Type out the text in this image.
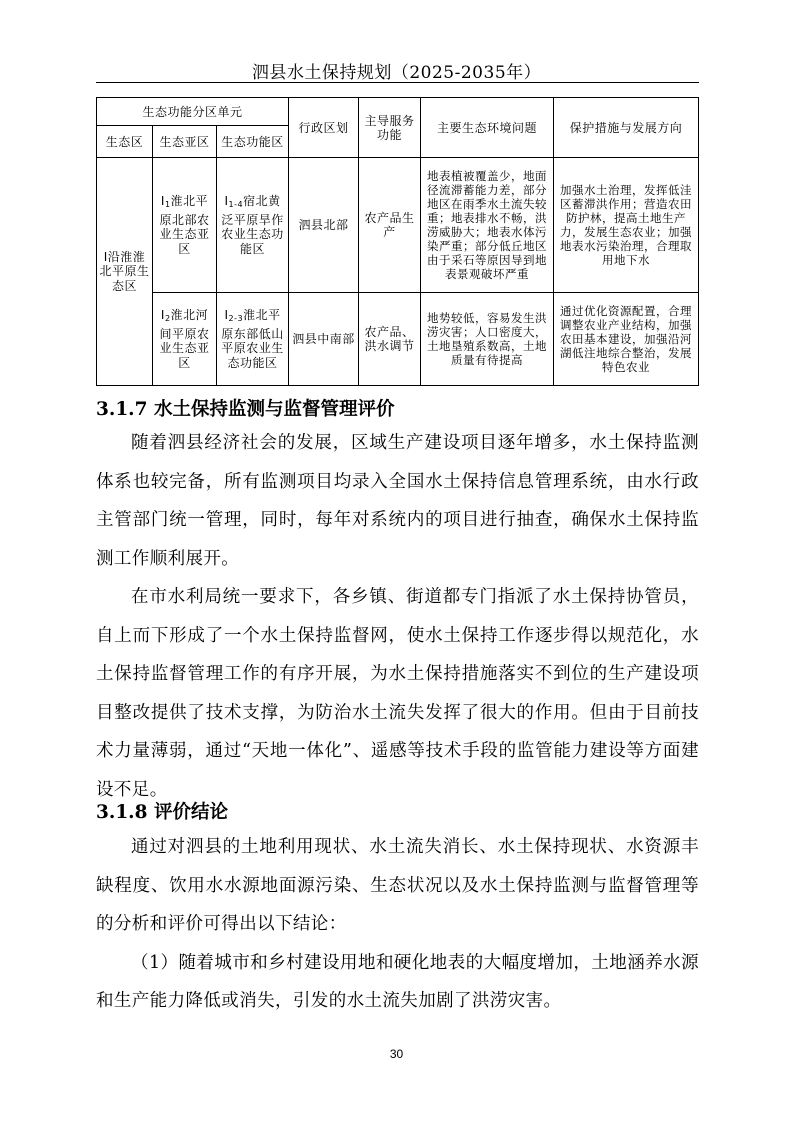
泗县水土保持规划（2025-2035年）
生态功能分区单元			行政区划	主导服务功能	主要生态环境问题	保护措施与发展方向
生态区	生态亚区	生态功能区				
I沿淮淮北平原生态区	$I_1$淮北平原北部农业生态亚区	$I_{1-4}$宿北黄泛平原旱作农业生态功能区	泗县北部	农产品生产	地表植被覆盖少，地面径流滞蓄能力差，部分地区在雨季水土流失较重；地表排水不畅，洪涝威胁大；地表水体污染严重；部分低丘地区由于采石等原因导到地表景观破坏严重	加强水土治理，发挥低洼区蓄滞洪作用；营造农田防护林，提高土地生产力，发展生态农业；加强地表水污染治理，合理取用地下水
	$I_2$淮北河间平原农业生态亚区	$I_{2-3}$淮北平原东部低山平原农业生态功能区	泗县中南部	农产品、洪水调节	地势较低，容易发生洪涝灾害；人口密度大，土地垦殖系数高，土地质量有待提高	通过优化资源配置，合理调整农业产业结构，加强农田基本建设，加强沿河湖低注地综合整治，发展特色农业
3.1.7 水土保持监测与监督管理评价

随着泗县经济社会的发展，区域生产建设项目逐年增多，水土保持监测体系也较完备，所有监测项目均录入全国水土保持信息管理系统，由水行政主管部门统一管理，同时，每年对系统内的项目进行抽查，确保水土保持监测工作顺利展开。

在市水利局统一要求下，各乡镇、街道都专门指派了水土保持协管员，自上而下形成了一个水土保持监督网，使水土保持工作逐步得以规范化，水土保持监督管理工作的有序开展，为水土保持措施落实不到位的生产建设项目整改提供了技术支撑，为防治水土流失发挥了很大的作用。但由于目前技术力量薄弱，通过“天地一体化”、遥感等技术手段的监管能力建设等方面建设不足。

3.1.8 评价结论

通过对泗县的土地利用现状、水土流失消长、水土保持现状、水资源丰缺程度、饮用水水源地面源污染、生态状况以及水土保持监测与监督管理等的分析和评价可得出以下结论：

（1）随着城市和乡村建设用地和硬化地表的大幅度增加，土地涵养水源和生产能力降低或消失，引发的水土流失加剧了洪涝灾害。

30
